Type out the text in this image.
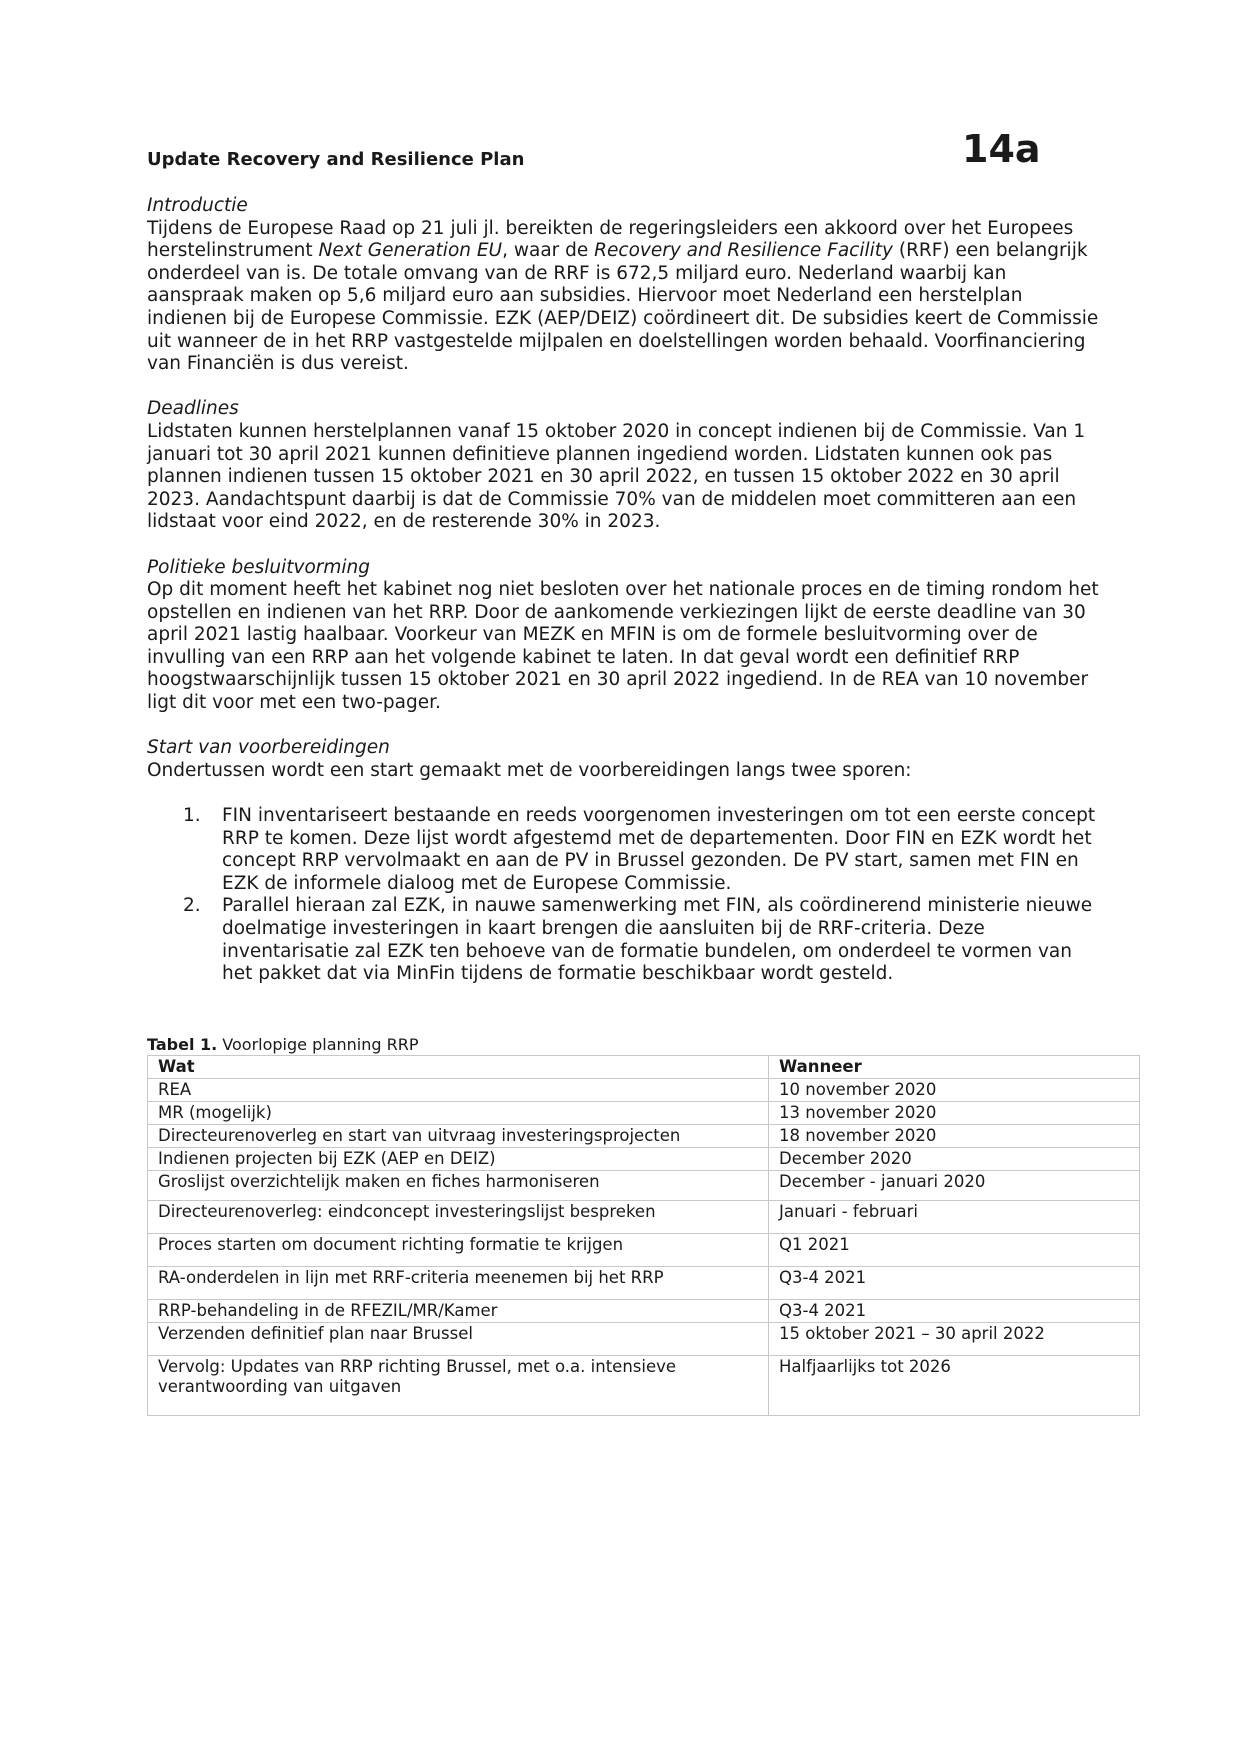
Update Recovery and Resilience Plan	14a
Introductie

Tijdens de Europese Raad op 21 juli jl. bereikten de regeringsleiders een akkoord over het Europees herstelinstrument Next Generation EU, waar de Recovery and Resilience Facility (RRF) een belangrijk onderdeel van is. De totale omvang van de RRF is 672,5 miljard euro. Nederland waarbij kan aanspraak maken op 5,6 miljard euro aan subsidies. Hiervoor moet Nederland een herstelplan indienen bij de Europese Commissie. EZK (AEP/DEIZ) coördineert dit. De subsidies keert de Commissie uit wanneer de in het RRP vastgestelde mijlpalen en doelstellingen worden behaald. Voorfinanciering van Financiën is dus vereist.

Deadlines

Lidstaten kunnen herstelplannen vanaf 15 oktober 2020 in concept indienen bij de Commissie. Van 1 januari tot 30 april 2021 kunnen definitieve plannen ingediend worden. Lidstaten kunnen ook pas plannen indienen tussen 15 oktober 2021 en 30 april 2022, en tussen 15 oktober 2022 en 30 april 2023. Aandachtspunt daarbij is dat de Commissie 70% van de middelen moet committeren aan een lidstaat voor eind 2022, en de resterende 30% in 2023.

Politieke besluitvorming

Op dit moment heeft het kabinet nog niet besloten over het nationale proces en de timing rondom het opstellen en indienen van het RRP. Door de aankomende verkiezingen lijkt de eerste deadline van 30 april 2021 lastig haalbaar. Voorkeur van MEZK en MFIN is om de formele besluitvorming over de invulling van een RRP aan het volgende kabinet te laten. In dat geval wordt een definitief RRP hoogstwaarschijnlijk tussen 15 oktober 2021 en 30 april 2022 ingediend. In de REA van 10 november ligt dit voor met een two-pager.

Start van voorbereidingen

Ondertussen wordt een start gemaakt met de voorbereidingen langs twee sporen:

1. FIN inventariseert bestaande en reeds voorgenomen investeringen om tot een eerste concept RRP te komen. Deze lijst wordt afgestemd met de departementen. Door FIN en EZK wordt het concept RRP vervolmaakt en aan de PV in Brussel gezonden. De PV start, samen met FIN en EZK de informele dialoog met de Europese Commissie.
2. Parallel hieraan zal EZK, in nauwe samenwerking met FIN, als coördinerend ministerie nieuwe doelmatige investeringen in kaart brengen die aansluiten bij de RRF-criteria. Deze inventarisatie zal EZK ten behoeve van de formatie bundelen, om onderdeel te vormen van het pakket dat via MinFin tijdens de formatie beschikbaar wordt gesteld.
Tabel 1. Voorlopige planning RRP
Wat	Wanneer
REA	10 november 2020
MR (mogelijk)	13 november 2020
Directeurenoverleg en start van uitvraag investeringsprojecten	18 november 2020
Indienen projecten bij EZK (AEP en DEIZ)	December 2020
Groslijst overzichtelijk maken en fiches harmoniseren	December - januari 2020
Directeurenoverleg: eindconcept investeringslijst bespreken	Januari - februari
Proces starten om document richting formatie te krijgen	Q1 2021
RA-onderdelen in lijn met RRF-criteria meenemen bij het RRP	Q3-4 2021
RRP-behandeling in de RFEZIL/MR/Kamer	Q3-4 2021
Verzenden definitief plan naar Brussel	15 oktober 2021 – 30 april 2022
Vervolg: Updates van RRP richting Brussel, met o.a. intensieve verantwoording van uitgaven	Halfjaarlijks tot 2026
